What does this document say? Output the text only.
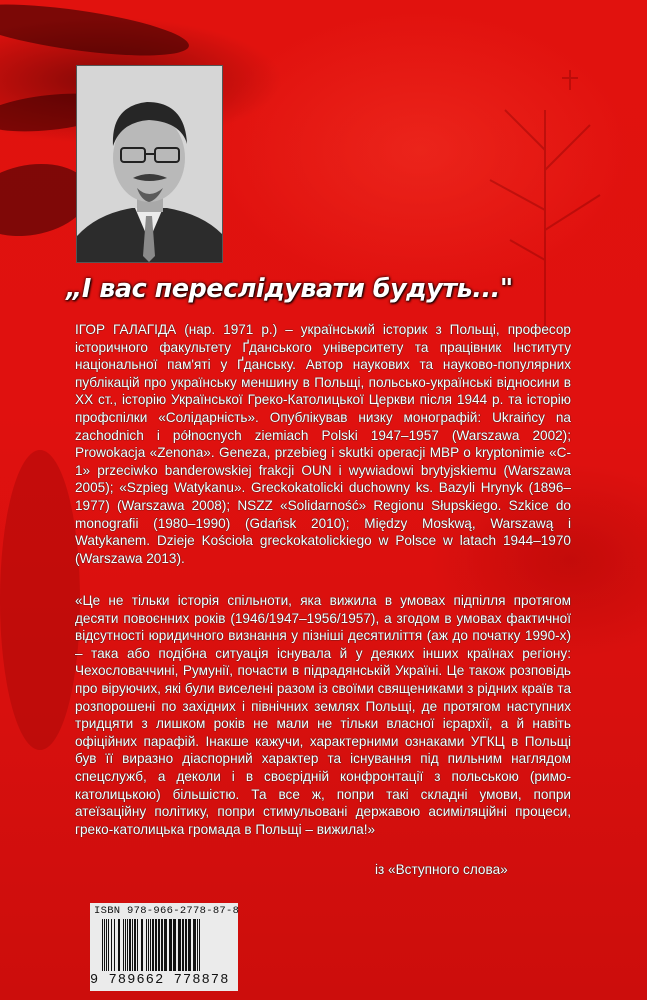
„І вас переслідувати будуть..."
ІГОР ГАЛАГІДА (нар. 1971 р.) – український історик з Польщі, професор історичного факультету Ґданського університету та працівник Інституту національної пам'яті у Ґданську. Автор наукових та науково-популярних публікацій про українську меншину в Польщі, польсько-українські відносини в ХХ ст., історію Української Греко-Католицької Церкви після 1944 р. та історію профспілки «Солідарність». Опублікував низку монографій: Ukraińcy na zachodnich i północnych ziemiach Polski 1947–1957 (Warszawa 2002); Prowokacja «Zenona». Geneza, przebieg i skutki operacji MBP o kryptonimie «C-1» przeciwko banderowskiej frakcji OUN i wywiadowi brytyjskiemu (Warszawa 2005); «Szpieg Watykanu». Greckokatolicki duchowny ks. Bazyli Hrynyk (1896–1977) (Warszawa 2008); NSZZ «Solidarność» Regionu Słupskiego. Szkice do monografii (1980–1990) (Gdańsk 2010); Między Moskwą, Warszawą i Watykanem. Dzieje Kościoła greckokatolickiego w Polsce w latach 1944–1970 (Warszawa 2013).
«Це не тільки історія спільноти, яка вижила в умовах підпілля протягом десяти повоєнних років (1946/1947–1956/1957), а згодом в умовах фактичної відсутності юридичного визнання у пізніші десятиліття (аж до початку 1990-х) – така або подібна ситуація існувала й у деяких інших країнах регіону: Чехословаччині, Румунії, почасти в підрадянській Україні. Це також розповідь про віруючих, які були виселені разом із своїми священиками з рідних країв та розпорошені по західних і північних землях Польщі, де протягом наступних тридцяти з лишком років не мали не тільки власної ієрархії, а й навіть офіційних парафій. Інакше кажучи, характерними ознаками УГКЦ в Польщі був її виразно діаспорний характер та існування під пильним наглядом спецслужб, а деколи і в своєрідній конфронтації з польською (римо-католицькою) більшістю. Та все ж, попри такі складні умови, попри атеїзаційну політику, попри стимульовані державою асиміляційні процеси, греко-католицька громада в Польщі – вижила!»
із «Вступного слова»
ISBN 978-966-2778-87-8
9 789662 778878
